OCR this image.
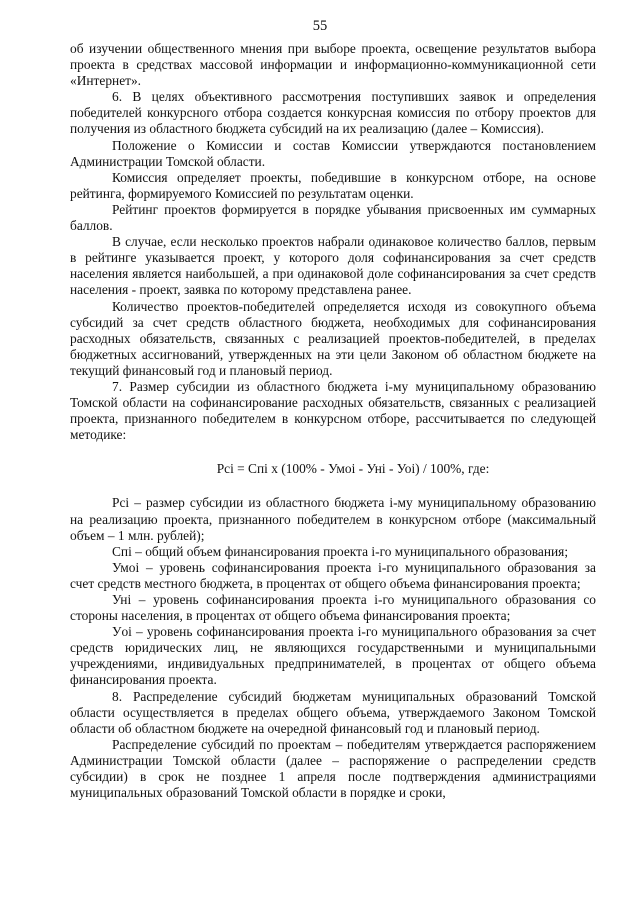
55

об изучении общественного мнения при выборе проекта, освещение результатов выбора проекта в средствах массовой информации и информационно-коммуникационной сети «Интернет».

6. В целях объективного рассмотрения поступивших заявок и определения победителей конкурсного отбора создается конкурсная комиссия по отбору проектов для получения из областного бюджета субсидий на их реализацию (далее – Комиссия).

Положение о Комиссии и состав Комиссии утверждаются постановлением Администрации Томской области.

Комиссия определяет проекты, победившие в конкурсном отборе, на основе рейтинга, формируемого Комиссией по результатам оценки.

Рейтинг проектов формируется в порядке убывания присвоенных им суммарных баллов.

В случае, если несколько проектов набрали одинаковое количество баллов, первым в рейтинге указывается проект, у которого доля софинансирования за счет средств населения является наибольшей, а при одинаковой доле софинансирования за счет средств населения - проект, заявка по которому представлена ранее.

Количество проектов-победителей определяется исходя из совокупного объема субсидий за счет средств областного бюджета, необходимых для софинансирования расходных обязательств, связанных с реализацией проектов-победителей, в пределах бюджетных ассигнований, утвержденных на эти цели Законом об областном бюджете на текущий финансовый год и плановый период.

7. Размер субсидии из областного бюджета i-му муниципальному образованию Томской области на софинансирование расходных обязательств, связанных с реализацией проекта, признанного победителем в конкурсном отборе, рассчитывается по следующей методике:

Pci = Cпi x (100% - Умоi - Уні - Уоi) / 100%, где:

Pci – размер субсидии из областного бюджета i-му муниципальному образованию на реализацию проекта, признанного победителем в конкурсном отборе (максимальный объем – 1 млн. рублей);

Cпi – общий объем финансирования проекта i-го муниципального образования;

Умоi – уровень софинансирования проекта i-го муниципального образования за счет средств местного бюджета, в процентах от общего объема финансирования проекта;

Уні – уровень софинансирования проекта i-го муниципального образования со стороны населения, в процентах от общего объема финансирования проекта;

Уoi – уровень софинансирования проекта i-го муниципального образования за счет средств юридических лиц, не являющихся государственными и муниципальными учреждениями, индивидуальных предпринимателей, в процентах от общего объема финансирования проекта.

8. Распределение субсидий бюджетам муниципальных образований Томской области осуществляется в пределах общего объема, утверждаемого Законом Томской области об областном бюджете на очередной финансовый год и плановый период.

Распределение субсидий по проектам – победителям утверждается распоряжением Администрации Томской области (далее – распоряжение о распределении средств субсидии) в срок не позднее 1 апреля после подтверждения администрациями муниципальных образований Томской области в порядке и сроки,
